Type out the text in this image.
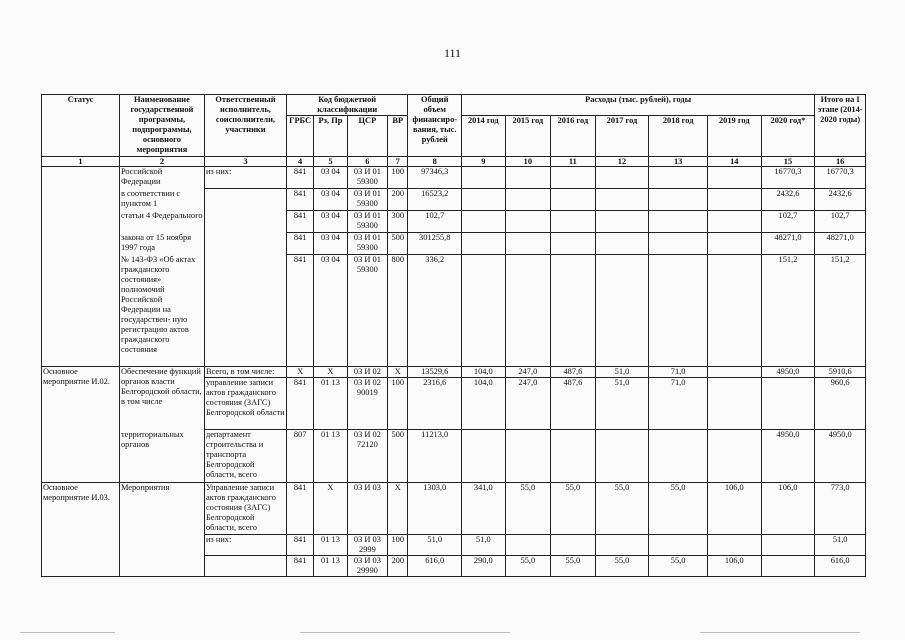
111
Статус	Наименование государственной программы, подпрограммы, основного мероприятия	Ответственный исполнитель, соисполнители, участники	Код бюджетной классификации				Общий объем финансиро- вания, тыс. рублей	Расходы (тыс. рублей), годы							Итого на I этапе (2014-2020 годы)
			ГРБС	Рз, Пр	ЦСР	ВР		2014 год	2015 год	2016 год	2017 год	2018 год	2019 год	2020 год*	
1	2	3	4	5	6	7	8	9	10	11	12	13	14	15	16
	Российской Федерации	из них:	841	03 04	03 И 01 59300	100	97346,3							16770,3	16770,3
	в соответствии с пунктом 1		841	03 04	03 И 01 59300	200	16523,2							2432,6	2432,6
	статьи 4 Федерального		841	03 04	03 И 01 59300	300	102,7							102,7	102,7
	закона от 15 ноября 1997 года		841	03 04	03 И 01 59300	500	301255,8							48271,0	48271,0
	№ 143-ФЗ «Об актах гражданского состояния» полномочий Российской Федерации на государствен- ную регистрацию актов гражданского состояния		841	03 04	03 И 01 59300	800	336,2							151,2	151,2
Основное мероприятие И.02.	Обеспечение функций органов власти Белгородской области, в том числе	Всего, в том числе:	X	X	03 И 02	X	13529,6	104,0	247,0	487,6	51,0	71,0		4950,0	5910,6
		управление записи актов гражданского состояния (ЗАГС) Белгородской области	841	01 13	03 И 02 90019	100	2316,6	104,0	247,0	487,6	51,0	71,0			960,6
	территориальных органов	департамент строительства и транспорта Белгородской области, всего	807	01 13	03 И 02 72120	500	11213,0							4950,0	4950,0
Основное мероприятие И.03.	Мероприятия	Управление записи актов гражданского состояния (ЗАГС) Белгородской области, всего	841	X	03 И 03	X	1303,0	341,0	55,0	55,0	55,0	55,0	106,0	106,0	773,0
		из них:	841	01 13	03 И 03 2999	100	51,0	51,0							51,0
			841	01 13	03 И 03 29990	200	616,0	290,0	55,0	55,0	55,0	55,0	106,0		616,0
